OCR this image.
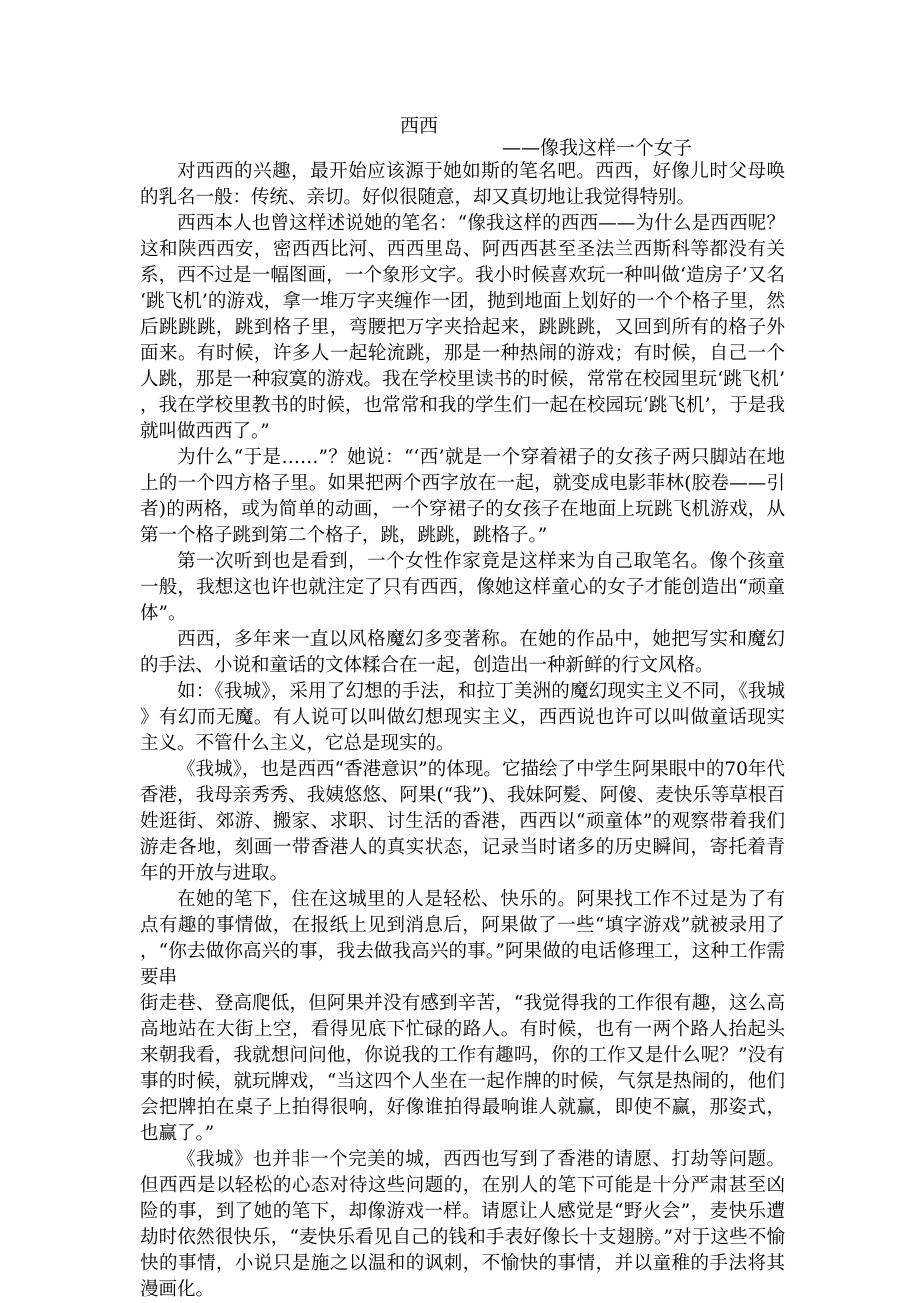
西西
——像我这样一个女子

对西西的兴趣，最开始应该源于她如斯的笔名吧。西西，好像儿时父母唤的乳名一般：传统、亲切。好似很随意，却又真切地让我觉得特别。

西西本人也曾这样述说她的笔名：“像我这样的西西——为什么是西西呢？这和陕西西安，密西西比河、西西里岛、阿西西甚至圣法兰西斯科等都没有关系，西不过是一幅图画，一个象形文字。我小时候喜欢玩一种叫做‘造房子’又名‘跳飞机’的游戏，拿一堆万字夹缠作一团，抛到地面上划好的一个个格子里，然后跳跳跳，跳到格子里，弯腰把万字夹拾起来，跳跳跳，又回到所有的格子外面来。有时候，许多人一起轮流跳，那是一种热闹的游戏；有时候，自己一个人跳，那是一种寂寞的游戏。我在学校里读书的时候，常常在校园里玩‘跳飞机’，我在学校里教书的时候，也常常和我的学生们一起在校园玩‘跳飞机’，于是我就叫做西西了。”

为什么“于是……”？她说：“‘西’就是一个穿着裙子的女孩子两只脚站在地上的一个四方格子里。如果把两个西字放在一起，就变成电影菲林(胶卷——引者)的两格，或为简单的动画，一个穿裙子的女孩子在地面上玩跳飞机游戏，从第一个格子跳到第二个格子，跳，跳跳，跳格子。”

第一次听到也是看到，一个女性作家竟是这样来为自己取笔名。像个孩童一般，我想这也许也就注定了只有西西，像她这样童心的女子才能创造出“顽童体”。

西西，多年来一直以风格魔幻多变著称。在她的作品中，她把写实和魔幻的手法、小说和童话的文体糅合在一起，创造出一种新鲜的行文风格。

如：《我城》，采用了幻想的手法，和拉丁美洲的魔幻现实主义不同，《我城》有幻而无魔。有人说可以叫做幻想现实主义，西西说也许可以叫做童话现实主义。不管什么主义，它总是现实的。

《我城》，也是西西“香港意识”的体现。它描绘了中学生阿果眼中的70年代香港，我母亲秀秀、我姨悠悠、阿果(“我”)、我妹阿髪、阿傻、麦快乐等草根百姓逛街、郊游、搬家、求职、讨生活的香港，西西以“顽童体”的观察带着我们游走各地，刻画一带香港人的真实状态，记录当时诸多的历史瞬间，寄托着青年的开放与进取。

在她的笔下，住在这城里的人是轻松、快乐的。阿果找工作不过是为了有点有趣的事情做，在报纸上见到消息后，阿果做了一些“填字游戏”就被录用了，“你去做你高兴的事，我去做我高兴的事。”阿果做的电话修理工，这种工作需要串

街走巷、登高爬低，但阿果并没有感到辛苦，“我觉得我的工作很有趣，这么高高地站在大街上空，看得见底下忙碌的路人。有时候，也有一两个路人抬起头来朝我看，我就想问问他，你说我的工作有趣吗，你的工作又是什么呢？”没有事的时候，就玩牌戏，“当这四个人坐在一起作牌的时候，气氛是热闹的，他们会把牌拍在桌子上拍得很响，好像谁拍得最响谁人就赢，即使不赢，那姿式，也赢了。”

《我城》也并非一个完美的城，西西也写到了香港的请愿、打劫等问题。但西西是以轻松的心态对待这些问题的，在别人的笔下可能是十分严肃甚至凶险的事，到了她的笔下，却像游戏一样。请愿让人感觉是“野火会”，麦快乐遭劫时依然很快乐，“麦快乐看见自己的钱和手表好像长十支翅膀。”对于这些不愉快的事情，小说只是施之以温和的讽刺，不愉快的事情，并以童稚的手法将其漫画化。
